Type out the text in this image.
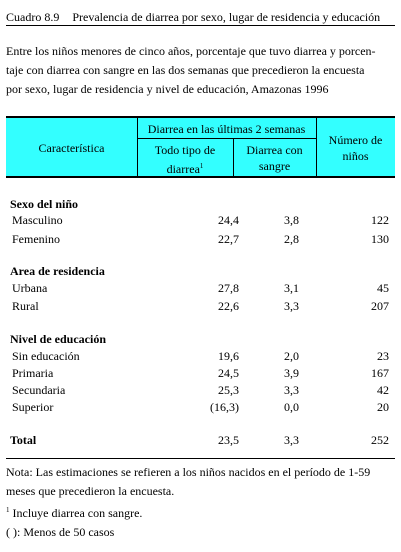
Cuadro 8.9 Prevalencia de diarrea por sexo, lugar de residencia y educación
Entre los niños menores de cinco años, porcentaje que tuvo diarrea y porcen-
taje con diarrea con sangre en las dos semanas que precedieron la encuesta
por sexo, lugar de residencia y nivel de educación, Amazonas 1996
Característica
Diarrea en las últimas 2 semanas
Todo tipo de
diarrea$^1$
Diarrea con
sangre
Número de
niños
Sexo del niño
Masculino	24,4	3,8	122
Femenino	22,7	2,8	130
Area de residencia
Urbana	27,8	3,1	45
Rural	22,6	3,3	207
Nivel de educación
Sin educación	19,6	2,0	23
Primaria	24,5	3,9	167
Secundaria	25,3	3,3	42
Superior	(16,3)	0,0	20
Total	23,5	3,3	252
Nota: Las estimaciones se refieren a los niños nacidos en el período de 1-59
meses que precedieron la encuesta.
$^1$ Incluye diarrea con sangre.
( ): Menos de 50 casos
